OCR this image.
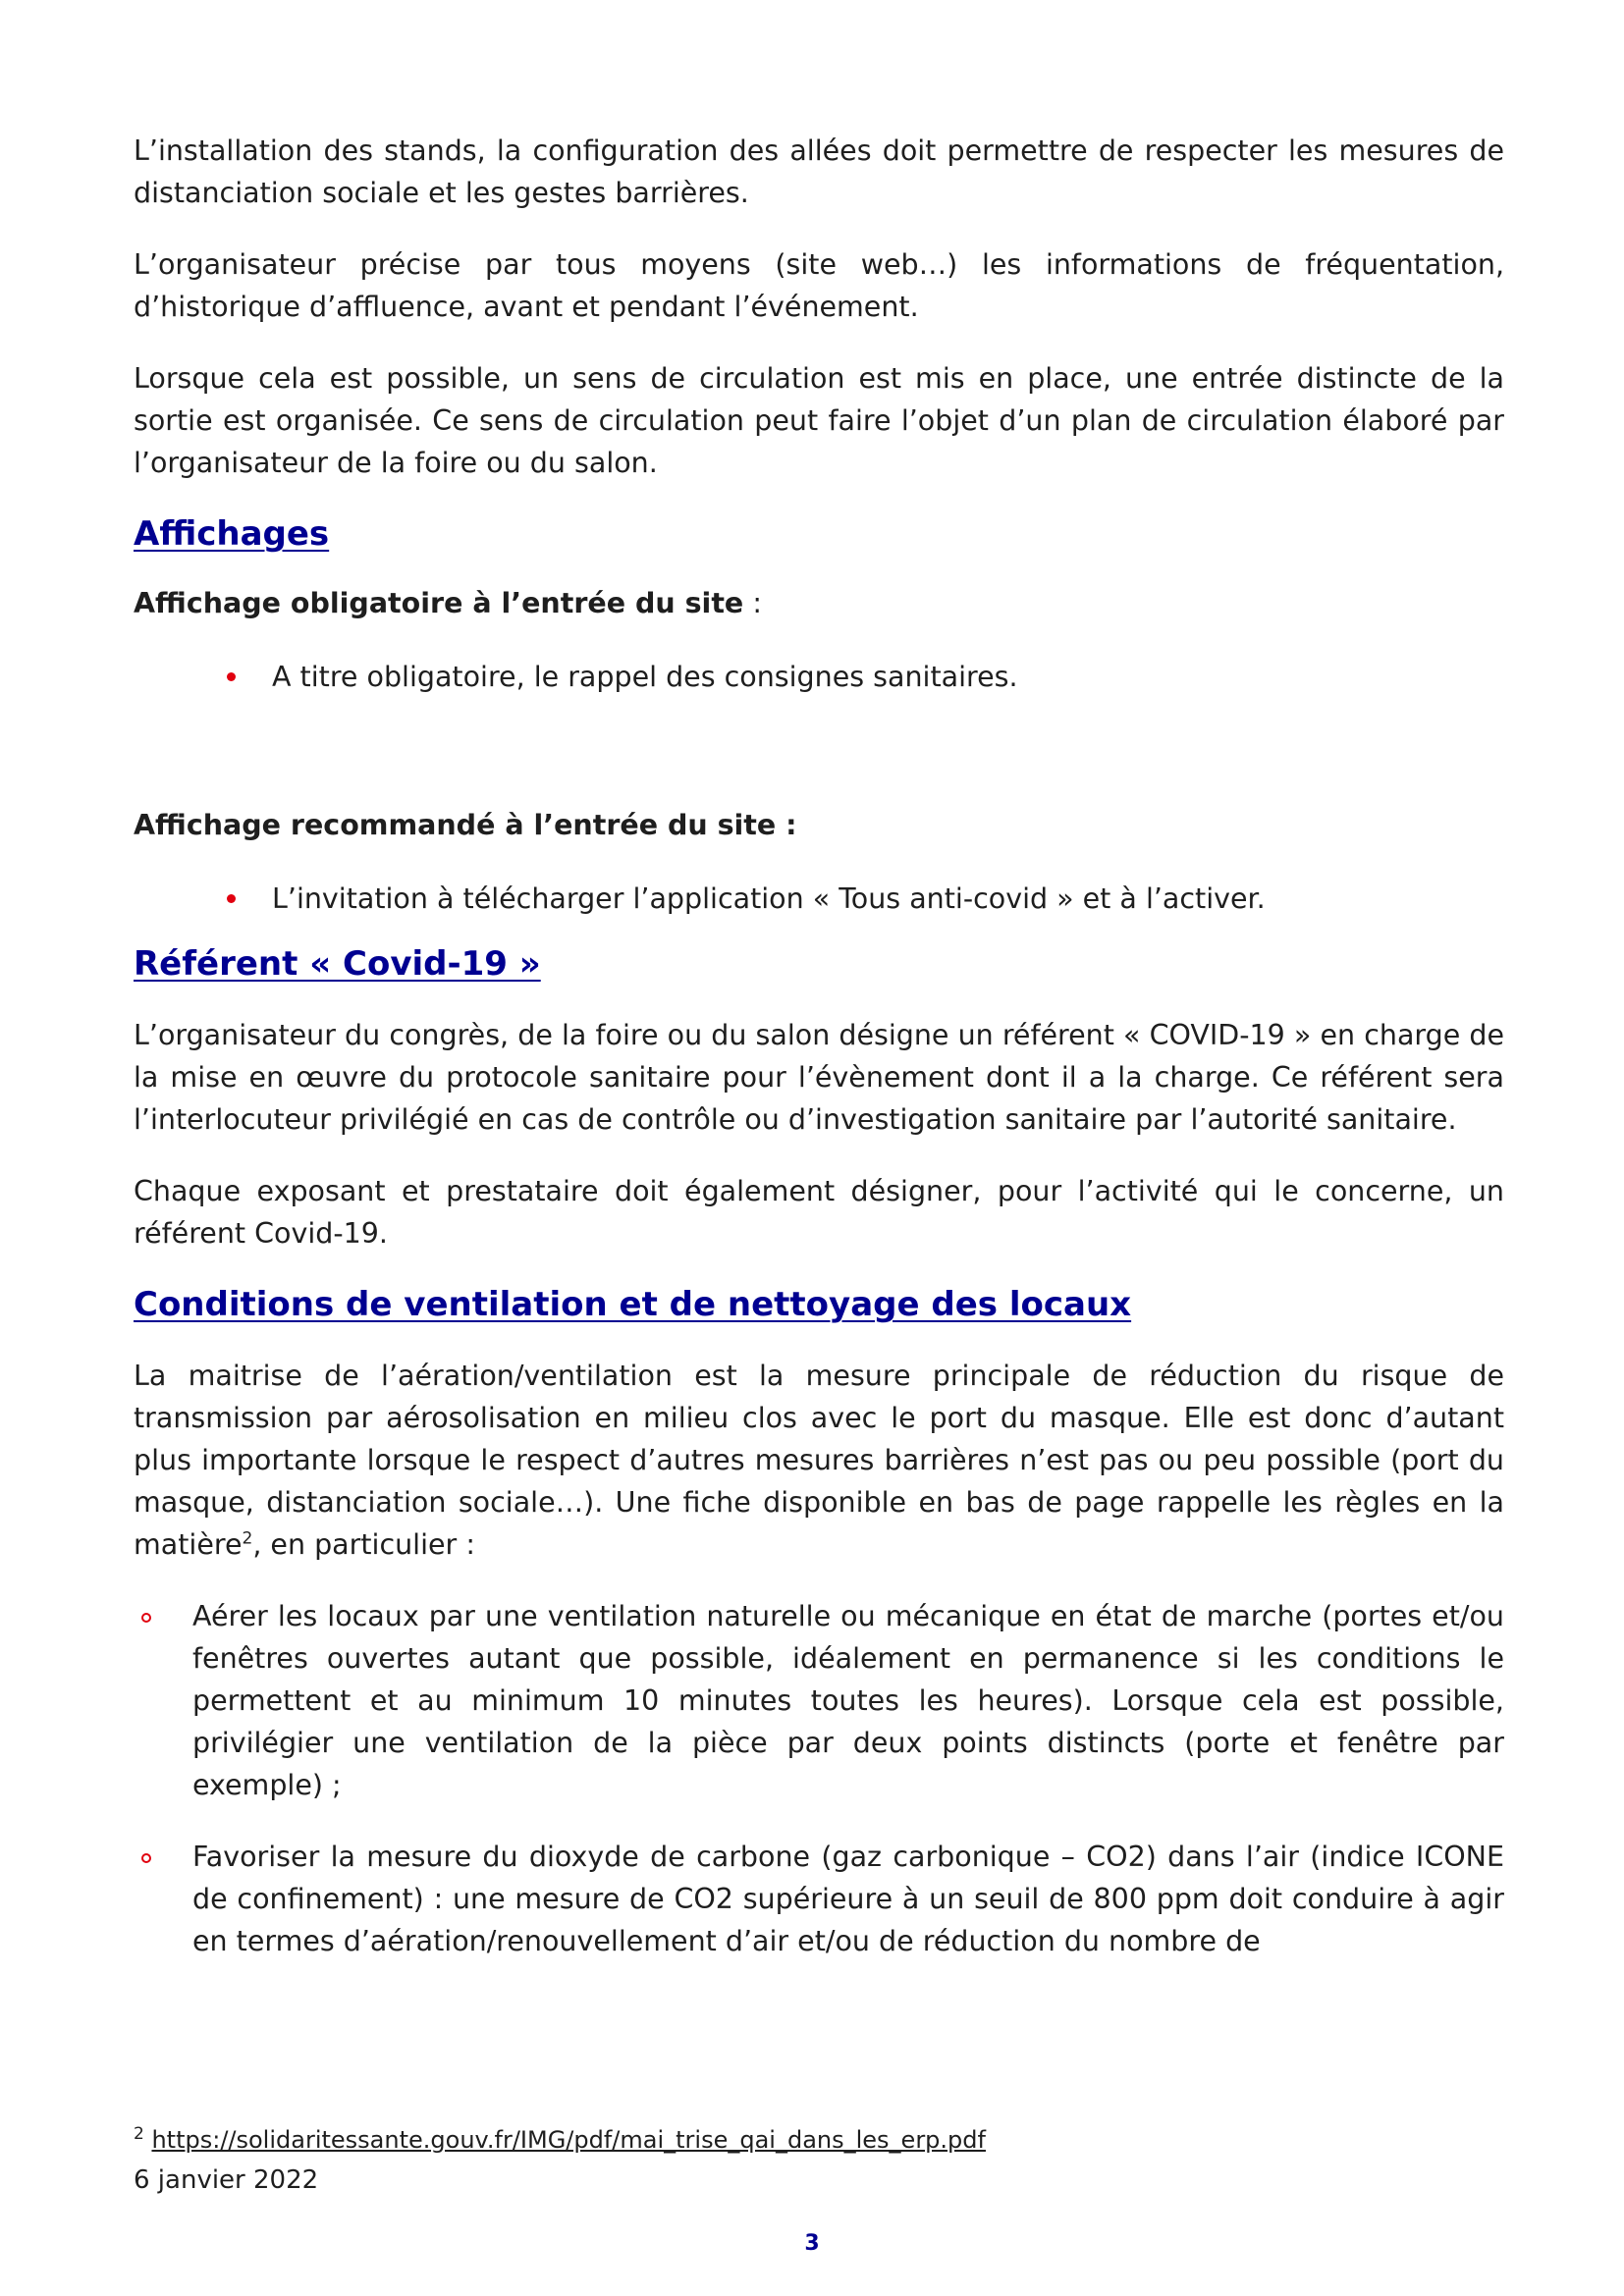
L’installation des stands, la configuration des allées doit permettre de respecter les mesures de distanciation sociale et les gestes barrières.

L’organisateur précise par tous moyens (site web…) les informations de fréquentation, d’historique d’affluence, avant et pendant l’événement.

Lorsque cela est possible, un sens de circulation est mis en place, une entrée distincte de la sortie est organisée. Ce sens de circulation peut faire l’objet d’un plan de circulation élaboré par l’organisateur de la foire ou du salon.

Affichages

Affichage obligatoire à l’entrée du site :

A titre obligatoire, le rappel des consignes sanitaires.

Affichage recommandé à l’entrée du site :

L’invitation à télécharger l’application « Tous anti-covid » et à l’activer.
Référent « Covid-19 »

L’organisateur du congrès, de la foire ou du salon désigne un référent « COVID-19 » en charge de la mise en œuvre du protocole sanitaire pour l’évènement dont il a la charge. Ce référent sera l’interlocuteur privilégié en cas de contrôle ou d’investigation sanitaire par l’autorité sanitaire.

Chaque exposant et prestataire doit également désigner, pour l’activité qui le concerne, un référent Covid-19.

Conditions de ventilation et de nettoyage des locaux

La maitrise de l’aération/ventilation est la mesure principale de réduction du risque de transmission par aérosolisation en milieu clos avec le port du masque. Elle est donc d’autant plus importante lorsque le respect d’autres mesures barrières n’est pas ou peu possible (port du masque, distanciation sociale…). Une fiche disponible en bas de page rappelle les règles en la matière$^2$, en particulier :

Aérer les locaux par une ventilation naturelle ou mécanique en état de marche (portes et/ou fenêtres ouvertes autant que possible, idéalement en permanence si les conditions le permettent et au minimum 10 minutes toutes les heures). Lorsque cela est possible, privilégier une ventilation de la pièce par deux points distincts (porte et fenêtre par exemple) ;
Favoriser la mesure du dioxyde de carbone (gaz carbonique – CO2) dans l’air (indice ICONE de confinement) : une mesure de CO2 supérieure à un seuil de 800 ppm doit conduire à agir en termes d’aération/renouvellement d’air et/ou de réduction du nombre de
$^2$ https://solidaritessante.gouv.fr/IMG/pdf/mai_trise_qai_dans_les_erp.pdf
6 janvier 2022
3
